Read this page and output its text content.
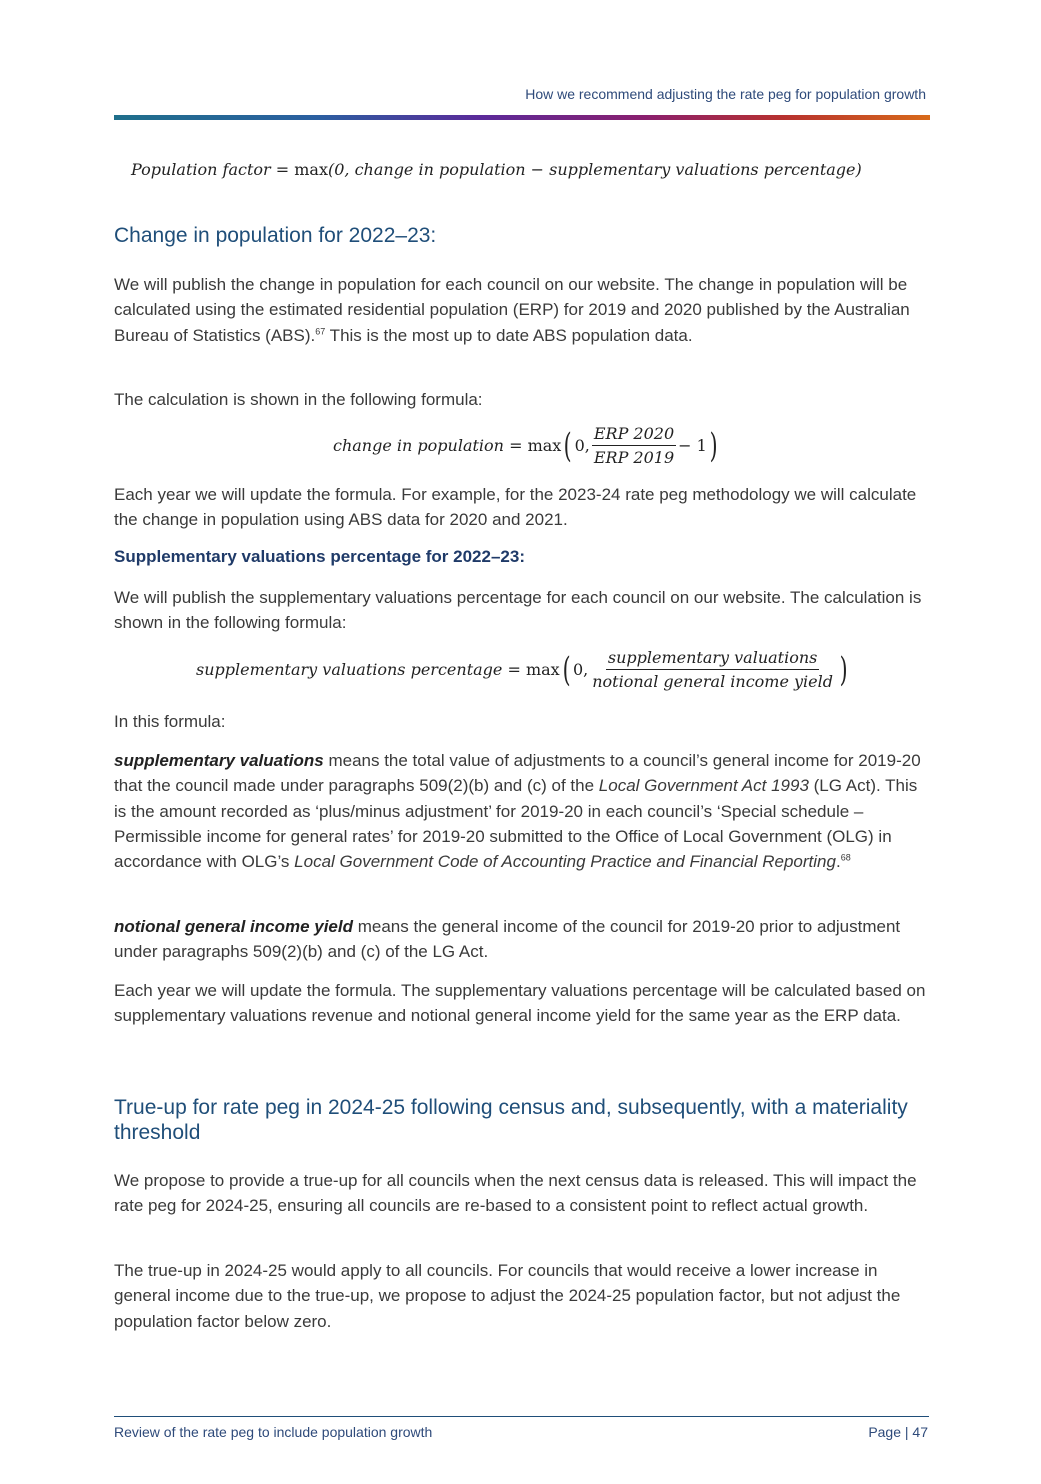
How we recommend adjusting the rate peg for population growth
Population factor = max(0, change in population − supplementary valuations percentage)
Change in population for 2022–23:

We will publish the change in population for each council on our website. The change in population will be calculated using the estimated residential population (ERP) for 2019 and 2020 published by the Australian Bureau of Statistics (ABS).$^{67}$ This is the most up to date ABS population data.

The calculation is shown in the following formula:

change in population
=
max ( 0, $\frac{\text{ERP 2020}}{\text{ERP 2019}} - 1$ )

Each year we will update the formula. For example, for the 2023-24 rate peg methodology we will calculate the change in population using ABS data for 2020 and 2021.

Supplementary valuations percentage for 2022–23:

We will publish the supplementary valuations percentage for each council on our website. The calculation is shown in the following formula:

supplementary valuations percentage
=
max ( 0, $\frac{\text{supplementary valuations}}{\text{notional general income yield}}$ )

In this formula:

supplementary valuations means the total value of adjustments to a council’s general income for 2019-20 that the council made under paragraphs 509(2)(b) and (c) of the Local Government Act 1993 (LG Act). This is the amount recorded as ‘plus/minus adjustment’ for 2019-20 in each council’s ‘Special schedule – Permissible income for general rates’ for 2019-20 submitted to the Office of Local Government (OLG) in accordance with OLG’s Local Government Code of Accounting Practice and Financial Reporting.$^{68}$

notional general income yield means the general income of the council for 2019-20 prior to adjustment under paragraphs 509(2)(b) and (c) of the LG Act.

Each year we will update the formula. The supplementary valuations percentage will be calculated based on supplementary valuations revenue and notional general income yield for the same year as the ERP data.

True-up for rate peg in 2024-25 following census and, subsequently, with a materiality threshold

We propose to provide a true-up for all councils when the next census data is released. This will impact the rate peg for 2024-25, ensuring all councils are re-based to a consistent point to reflect actual growth.

The true-up in 2024-25 would apply to all councils. For councils that would receive a lower increase in general income due to the true-up, we propose to adjust the 2024-25 population factor, but not adjust the population factor below zero.

Review of the rate peg to include population growth	Page | 47
